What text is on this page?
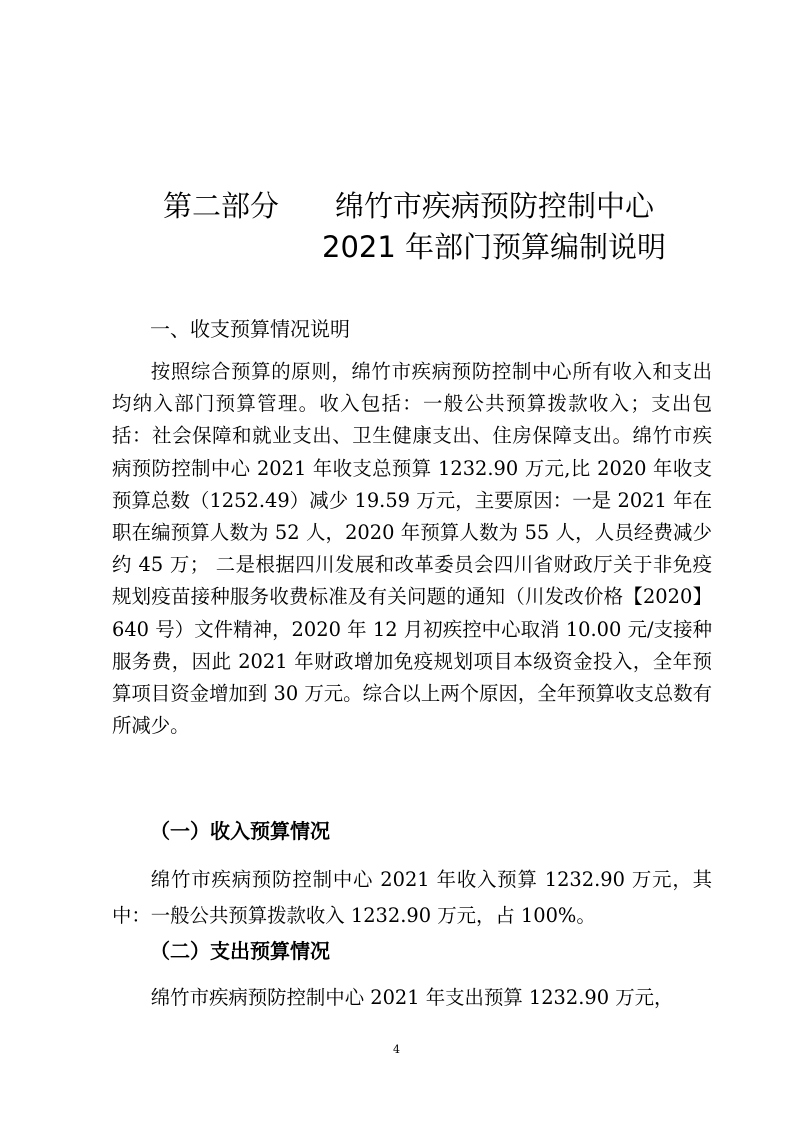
第二部分 绵竹市疾病预防控制中心
2021 年部门预算编制说明
一、收支预算情况说明

按照综合预算的原则，绵竹市疾病预防控制中心所有收入和支出均纳入部门预算管理。收入包括：一般公共预算拨款收入；支出包括：社会保障和就业支出、卫生健康支出、住房保障支出。绵竹市疾病预防控制中心 2021 年收支总预算 1232.90 万元,比 2020 年收支预算总数（1252.49）减少 19.59 万元，主要原因：一是 2021 年在职在编预算人数为 52 人，2020 年预算人数为 55 人，人员经费减少约 45 万； 二是根据四川发展和改革委员会四川省财政厅关于非免疫规划疫苗接种服务收费标准及有关问题的通知（川发改价格【2020】640 号）文件精神，2020 年 12 月初疾控中心取消 10.00 元/支接种服务费，因此 2021 年财政增加免疫规划项目本级资金投入，全年预算项目资金增加到 30 万元。综合以上两个原因，全年预算收支总数有所减少。

（一）收入预算情况

绵竹市疾病预防控制中心 2021 年收入预算 1232.90 万元，其中：一般公共预算拨款收入 1232.90 万元，占 100%。

（二）支出预算情况

绵竹市疾病预防控制中心 2021 年支出预算 1232.90 万元，

4
